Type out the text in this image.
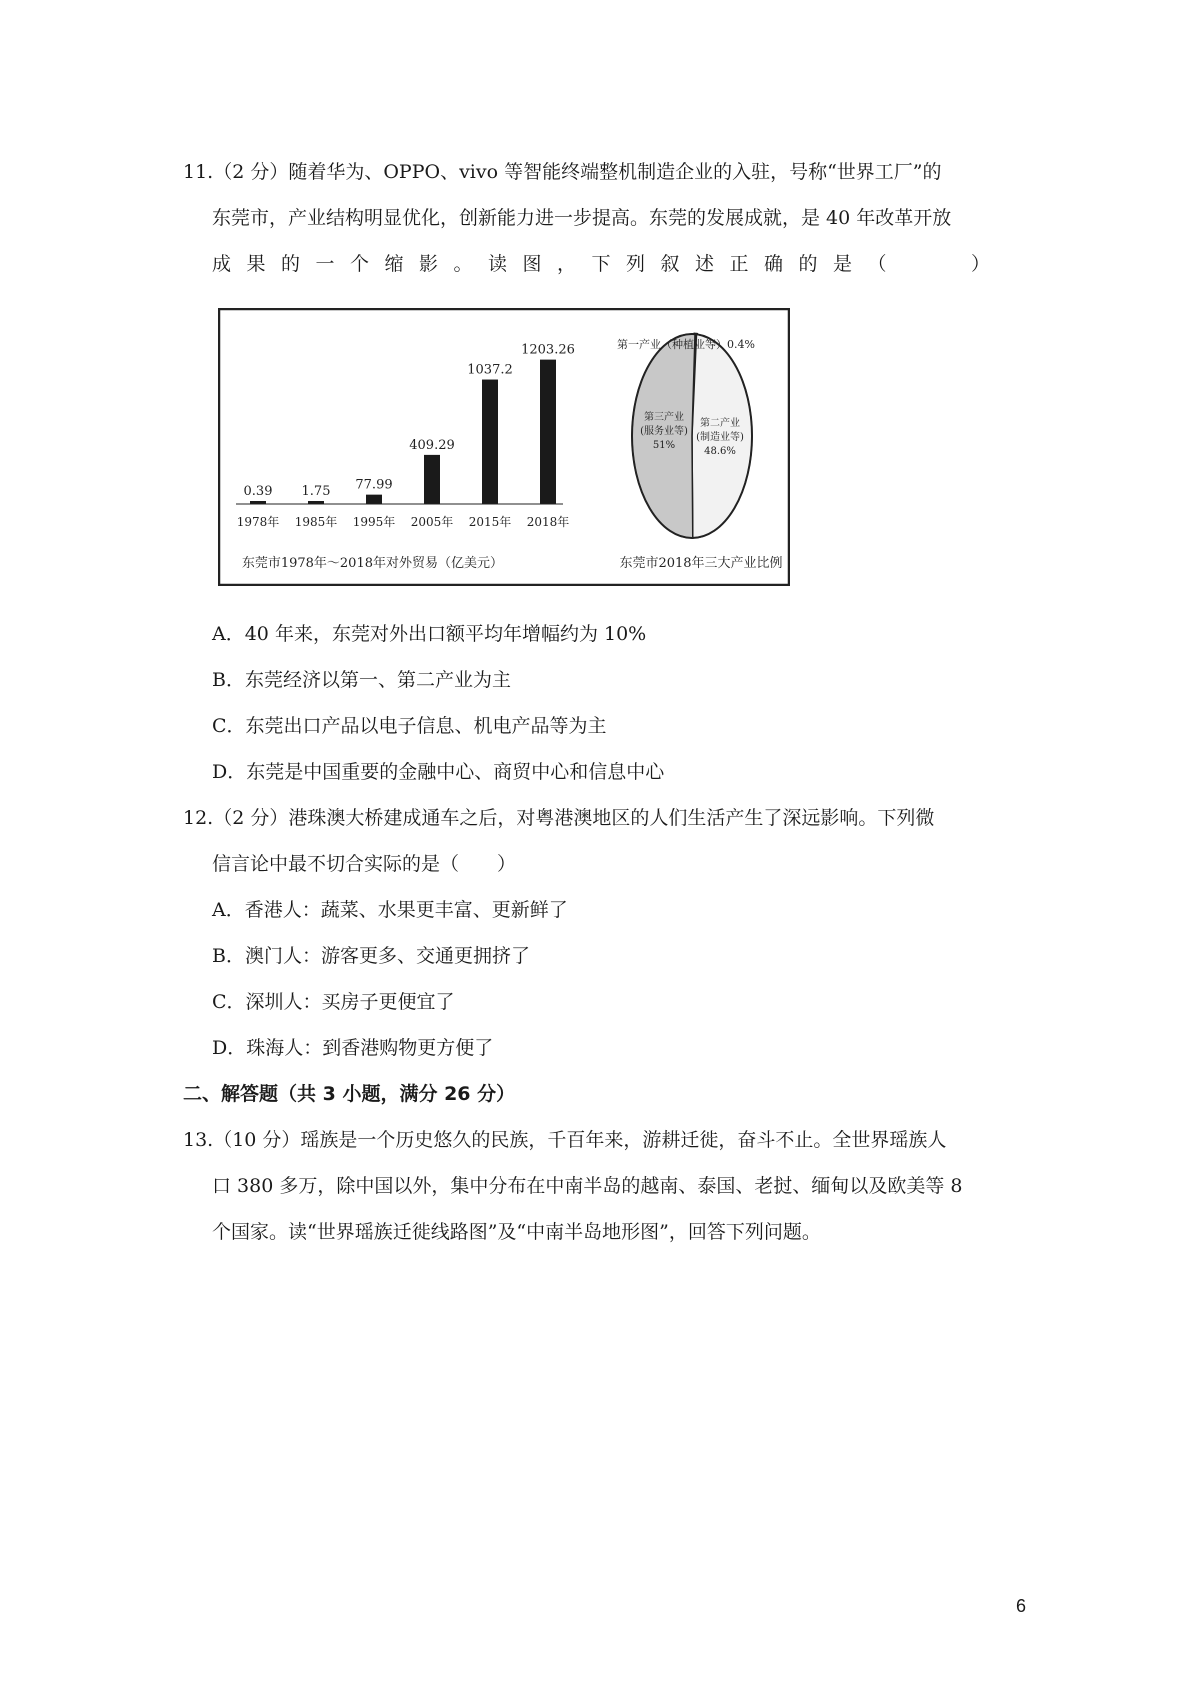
11.（2 分）随着华为、OPPO、vivo 等智能终端整机制造企业的入驻，号称“世界工厂”的
东莞市，产业结构明显优化，创新能力进一步提高。东莞的发展成就，是 40 年改革开放
成果的一个缩影。读图，下列叙述正确的是（　　）
0.39
1978年
1.75
1985年
77.99
1995年
409.29
2005年
1037.2
2015年
1203.26
2018年
东莞市1978年～2018年对外贸易（亿美元）	东莞市2018年三大产业比例
第一产业（种植业等）0.4%
第三产业
(服务业等)
51%
第二产业
(制造业等)
48.6%
A．40 年来，东莞对外出口额平均年增幅约为 10%
B．东莞经济以第一、第二产业为主
C．东莞出口产品以电子信息、机电产品等为主
D．东莞是中国重要的金融中心、商贸中心和信息中心
12.（2 分）港珠澳大桥建成通车之后，对粤港澳地区的人们生活产生了深远影响。下列微
信言论中最不切合实际的是（　　）
A．香港人：蔬菜、水果更丰富、更新鲜了
B．澳门人：游客更多、交通更拥挤了
C．深圳人：买房子更便宜了
D．珠海人：到香港购物更方便了
二、解答题（共 3 小题，满分 26 分）
13.（10 分）瑶族是一个历史悠久的民族，千百年来，游耕迁徙，奋斗不止。全世界瑶族人
口 380 多万，除中国以外，集中分布在中南半岛的越南、泰国、老挝、缅甸以及欧美等 8
个国家。读“世界瑶族迁徙线路图”及“中南半岛地形图”，回答下列问题。
6
